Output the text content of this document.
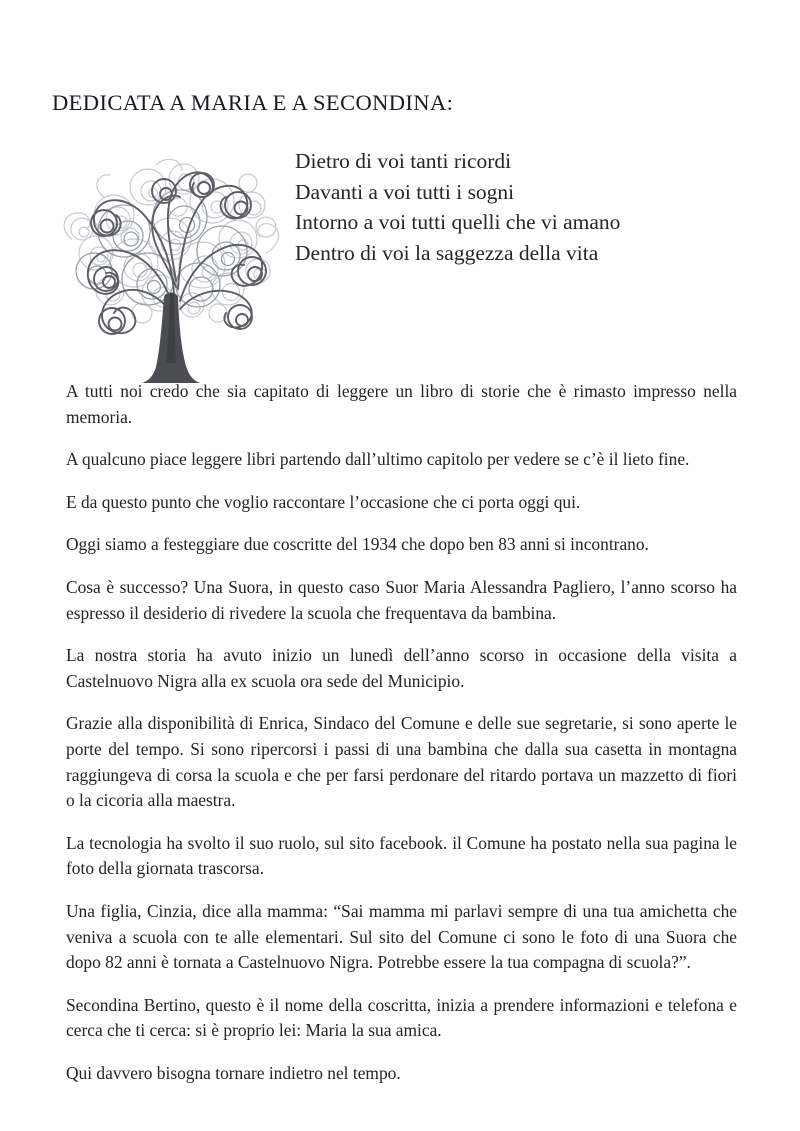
DEDICATA A MARIA E A SECONDINA:
Dietro di voi tanti ricordi
Davanti a voi tutti i sogni
Intorno a voi tutti quelli che vi amano
Dentro di voi la saggezza della vita

A tutti noi credo che sia capitato di leggere un libro di storie che è rimasto impresso nella memoria.

A qualcuno piace leggere libri partendo dall’ultimo capitolo per vedere se c’è il lieto fine.

E da questo punto che voglio raccontare l’occasione che ci porta oggi qui.

Oggi siamo a festeggiare due coscritte del 1934 che dopo ben 83 anni si incontrano.

Cosa è successo? Una Suora, in questo caso Suor Maria Alessandra Pagliero, l’anno scorso ha espresso il desiderio di rivedere la scuola che frequentava da bambina.

La nostra storia ha avuto inizio un lunedì dell’anno scorso in occasione della visita a Castelnuovo Nigra alla ex scuola ora sede del Municipio.

Grazie alla disponibilità di Enrica, Sindaco del Comune e delle sue segretarie, si sono aperte le porte del tempo. Si sono ripercorsi i passi di una bambina che dalla sua casetta in montagna raggiungeva di corsa la scuola e che per farsi perdonare del ritardo portava un mazzetto di fiori o la cicoria alla maestra.

La tecnologia ha svolto il suo ruolo, sul sito facebook. il Comune ha postato nella sua pagina le foto della giornata trascorsa.

Una figlia, Cinzia, dice alla mamma: “Sai mamma mi parlavi sempre di una tua amichetta che veniva a scuola con te alle elementari. Sul sito del Comune ci sono le foto di una Suora che dopo 82 anni è tornata a Castelnuovo Nigra. Potrebbe essere la tua compagna di scuola?”.

Secondina Bertino, questo è il nome della coscritta, inizia a prendere informazioni e telefona e cerca che ti cerca: si è proprio lei: Maria la sua amica.

Qui davvero bisogna tornare indietro nel tempo.
